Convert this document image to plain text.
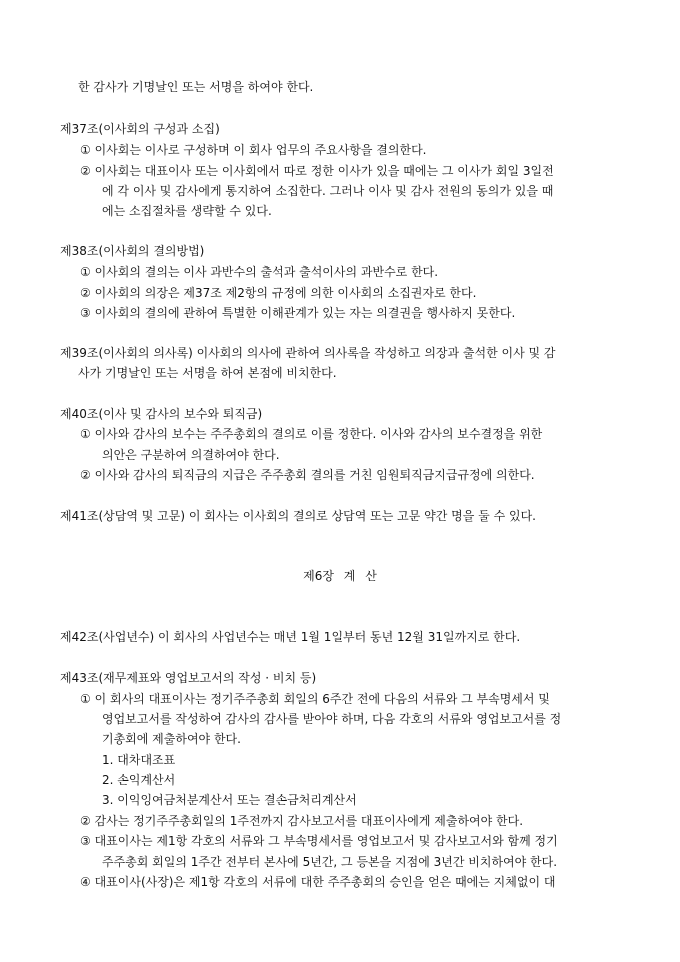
한 감사가 기명날인 또는 서명을 하여야 한다.
제37조(이사회의 구성과 소집)
① 이사회는 이사로 구성하며 이 회사 업무의 주요사항을 결의한다.
② 이사회는 대표이사 또는 이사회에서 따로 정한 이사가 있을 때에는 그 이사가 회일 3일전
에 각 이사 및 감사에게 통지하여 소집한다. 그러나 이사 및 감사 전원의 동의가 있을 때
에는 소집절차를 생략할 수 있다.
제38조(이사회의 결의방법)
① 이사회의 결의는 이사 과반수의 출석과 출석이사의 과반수로 한다.
② 이사회의 의장은 제37조 제2항의 규정에 의한 이사회의 소집권자로 한다.
③ 이사회의 결의에 관하여 특별한 이해관계가 있는 자는 의결권을 행사하지 못한다.
제39조(이사회의 의사록) 이사회의 의사에 관하여 의사록을 작성하고 의장과 출석한 이사 및 감
사가 기명날인 또는 서명을 하여 본점에 비치한다.
제40조(이사 및 감사의 보수와 퇴직금)
① 이사와 감사의 보수는 주주총회의 결의로 이를 정한다. 이사와 감사의 보수결정을 위한
의안은 구분하여 의결하여야 한다.
② 이사와 감사의 퇴직금의 지급은 주주총회 결의를 거친 임원퇴직금지급규정에 의한다.
제41조(상담역 및 고문) 이 회사는 이사회의 결의로 상담역 또는 고문 약간 명을 둘 수 있다.
제6장 계 산
제42조(사업년수) 이 회사의 사업년수는 매년 1월 1일부터 동년 12월 31일까지로 한다.
제43조(재무제표와 영업보고서의 작성 · 비치 등)
① 이 회사의 대표이사는 정기주주총회 회일의 6주간 전에 다음의 서류와 그 부속명세서 및
영업보고서를 작성하여 감사의 감사를 받아야 하며, 다음 각호의 서류와 영업보고서를 정
기총회에 제출하여야 한다.
1. 대차대조표
2. 손익계산서
3. 이익잉여금처분계산서 또는 결손금처리계산서
② 감사는 정기주주총회일의 1주전까지 감사보고서를 대표이사에게 제출하여야 한다.
③ 대표이사는 제1항 각호의 서류와 그 부속명세서를 영업보고서 및 감사보고서와 함께 정기
주주총회 회일의 1주간 전부터 본사에 5년간, 그 등본을 지점에 3년간 비치하여야 한다.
④ 대표이사(사장)은 제1항 각호의 서류에 대한 주주총회의 승인을 얻은 때에는 지체없이 대
